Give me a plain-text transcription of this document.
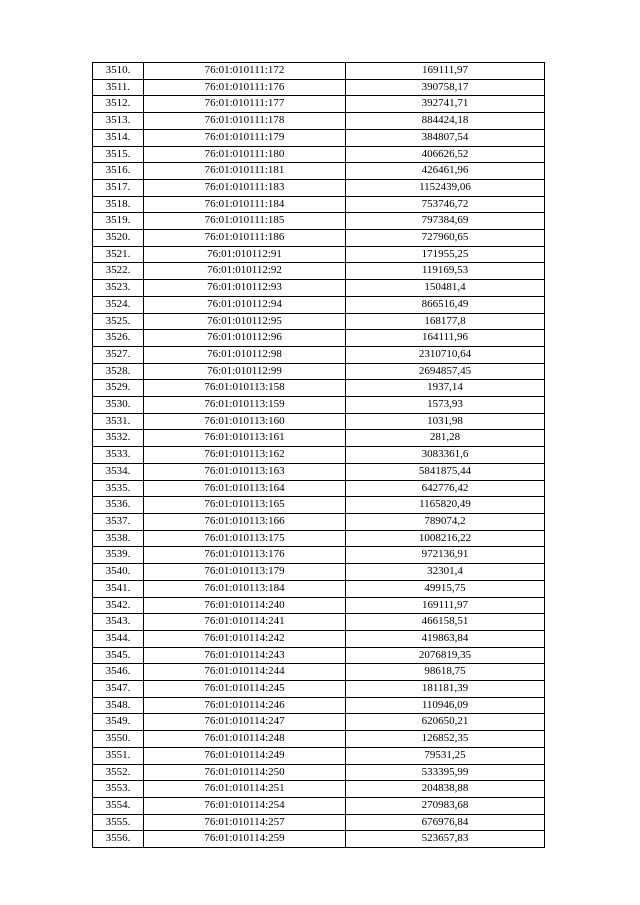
3510.	76:01:010111:172	169111,97
3511.	76:01:010111:176	390758,17
3512.	76:01:010111:177	392741,71
3513.	76:01:010111:178	884424,18
3514.	76:01:010111:179	384807,54
3515.	76:01:010111:180	406626,52
3516.	76:01:010111:181	426461,96
3517.	76:01:010111:183	1152439,06
3518.	76:01:010111:184	753746,72
3519.	76:01:010111:185	797384,69
3520.	76:01:010111:186	727960,65
3521.	76:01:010112:91	171955,25
3522.	76:01:010112:92	119169,53
3523.	76:01:010112:93	150481,4
3524.	76:01:010112:94	866516,49
3525.	76:01:010112:95	168177,8
3526.	76:01:010112:96	164111,96
3527.	76:01:010112:98	2310710,64
3528.	76:01:010112:99	2694857,45
3529.	76:01:010113:158	1937,14
3530.	76:01:010113:159	1573,93
3531.	76:01:010113:160	1031,98
3532.	76:01:010113:161	281,28
3533.	76:01:010113:162	3083361,6
3534.	76:01:010113:163	5841875,44
3535.	76:01:010113:164	642776,42
3536.	76:01:010113:165	1165820,49
3537.	76:01:010113:166	789074,2
3538.	76:01:010113:175	1008216,22
3539.	76:01:010113:176	972136,91
3540.	76:01:010113:179	32301,4
3541.	76:01:010113:184	49915,75
3542.	76:01:010114:240	169111,97
3543.	76:01:010114:241	466158,51
3544.	76:01:010114:242	419863,84
3545.	76:01:010114:243	2076819,35
3546.	76:01:010114:244	98618,75
3547.	76:01:010114:245	181181,39
3548.	76:01:010114:246	110946,09
3549.	76:01:010114:247	620650,21
3550.	76:01:010114:248	126852,35
3551.	76:01:010114:249	79531,25
3552.	76:01:010114:250	533395,99
3553.	76:01:010114:251	204838,88
3554.	76:01:010114:254	270983,68
3555.	76:01:010114:257	676976,84
3556.	76:01:010114:259	523657,83
